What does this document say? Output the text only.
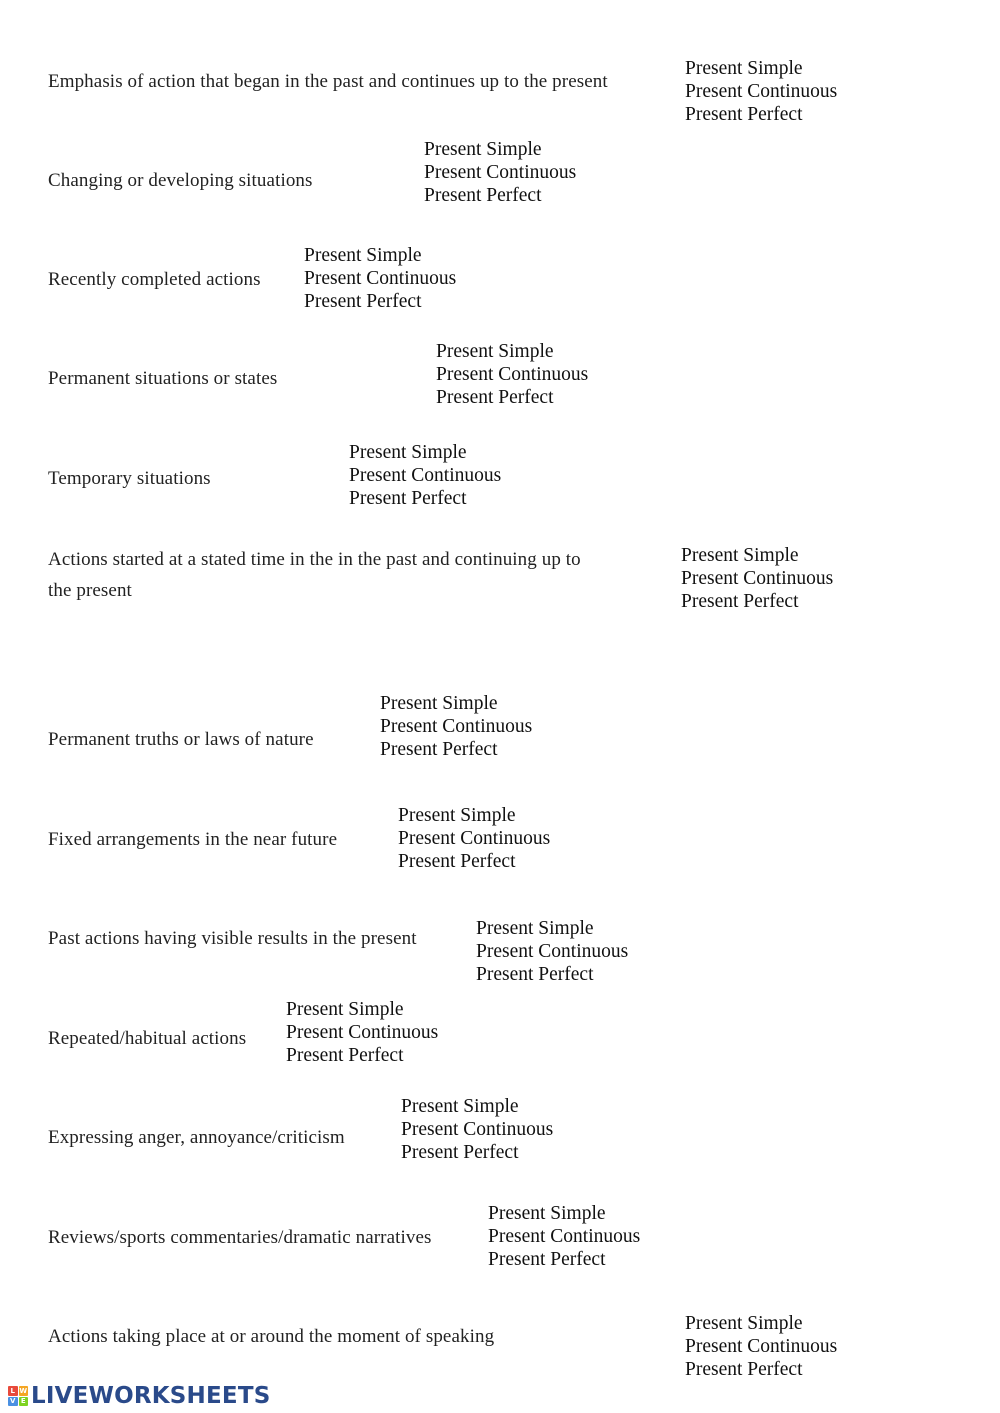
Emphasis of action that began in the past and continues up to the present
Present Simple
Present Continuous
Present Perfect
Changing or developing situations
Present Simple
Present Continuous
Present Perfect
Recently completed actions
Present Simple
Present Continuous
Present Perfect
Permanent situations or states
Present Simple
Present Continuous
Present Perfect
Temporary situations
Present Simple
Present Continuous
Present Perfect
Actions started at a stated time in the in the past and continuing up to the present
Present Simple
Present Continuous
Present Perfect
Permanent truths or laws of nature
Present Simple
Present Continuous
Present Perfect
Fixed arrangements in the near future
Present Simple
Present Continuous
Present Perfect
Past actions having visible results in the present	Present Simple
Present Continuous
Present Perfect
Repeated/habitual actions
Present Simple
Present Continuous
Present Perfect
Expressing anger, annoyance/criticism
Present Simple
Present Continuous
Present Perfect
Reviews/sports commentaries/dramatic narratives
Present Simple
Present Continuous
Present Perfect
Actions taking place at or around the moment of speaking
Present Simple
Present Continuous
Present Perfect
L W
V E LIVEWORKSHEETS
